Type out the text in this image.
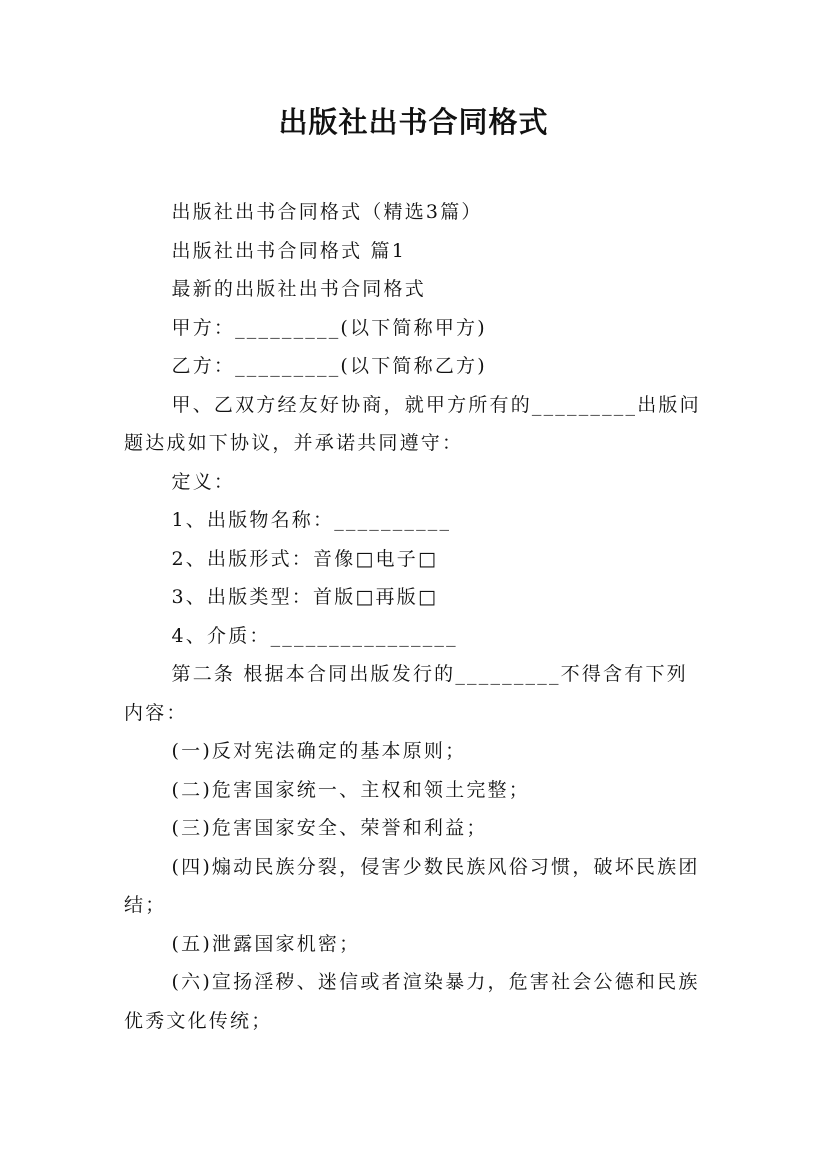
出版社出书合同格式

出版社出书合同格式（精选3篇）

出版社出书合同格式 篇1

最新的出版社出书合同格式

甲方：_________(以下简称甲方)

乙方：_________(以下简称乙方)

甲、乙双方经友好协商，就甲方所有的_________出版问题达成如下协议，并承诺共同遵守：

定义：

1、出版物名称：__________

2、出版形式：音像□电子□

3、出版类型：首版□再版□

4、介质：________________

第二条 根据本合同出版发行的_________不得含有下列内容：

(一)反对宪法确定的基本原则；

(二)危害国家统一、主权和领土完整；

(三)危害国家安全、荣誉和利益；

(四)煽动民族分裂，侵害少数民族风俗习惯，破坏民族团结；

(五)泄露国家机密；

(六)宣扬淫秽、迷信或者渲染暴力，危害社会公德和民族优秀文化传统；
